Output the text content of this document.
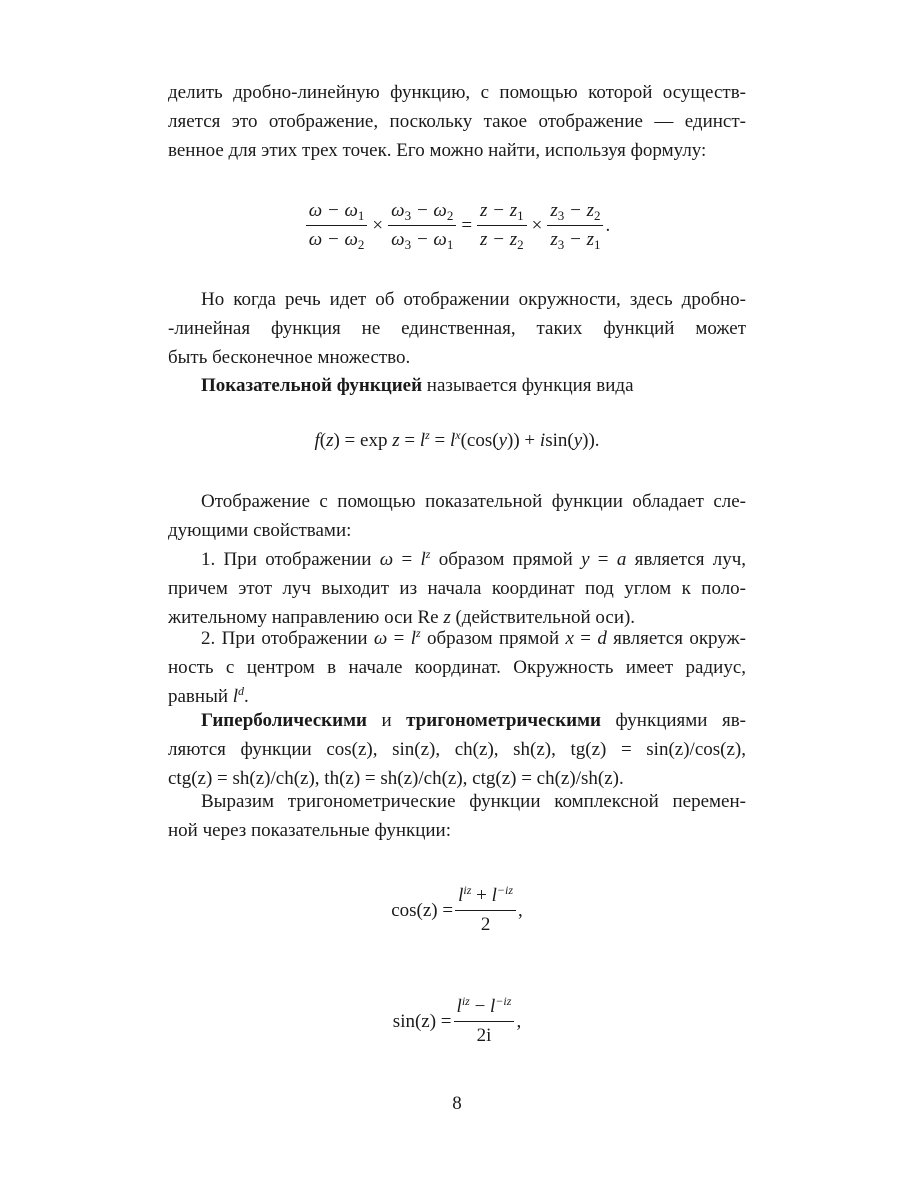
делить дробно-линейную функцию, с помощью которой осуществ-
ляется это отображение, поскольку такое отображение — единст-
венное для этих трех точек. Его можно найти, используя формулу:
$\frac{\omega - \omega_1}{\omega - \omega_2} \times \frac{\omega_3 - \omega_2}{\omega_3 - \omega_1} = \frac{z - z_1}{z - z_2} \times \frac{z_3 - z_2}{z_3 - z_1}$ .
Но когда речь идет об отображении окружности, здесь дробно-
-линейная функция не единственная, таких функций может
быть бесконечное множество.
Показательной функцией называется функция вида
$f(z) = \exp z = l^z = l^x(\cos(y)) + isin(y)$).
Отображение с помощью показательной функции обладает сле-
дующими свойствами:
1. При отображении $\omega = l^z$ образом прямой y = a является луч,
причем этот луч выходит из начала координат под углом к поло-
жительному направлению оси Re z (действительной оси).
2. При отображении $\omega = l^z$ образом прямой x = d является окруж-
ность с центром в начале координат. Окружность имеет радиус,
равный $l^d$.
Гиперболическими и тригонометрическими функциями яв-
ляются функции cos(z), sin(z), ch(z), sh(z), tg(z) = sin(z)/cos(z),
ctg(z) = sh(z)/ch(z), th(z) = sh(z)/ch(z), ctg(z) = ch(z)/sh(z).
Выразим тригонометрические функции комплексной перемен-
ной через показательные функции:
$\cos(z) = \frac{l^{iz} + l^{-iz}}{2}$ ,
$\sin(z) = \frac{l^{iz} - l^{-iz}}{2i}$ ,
8
